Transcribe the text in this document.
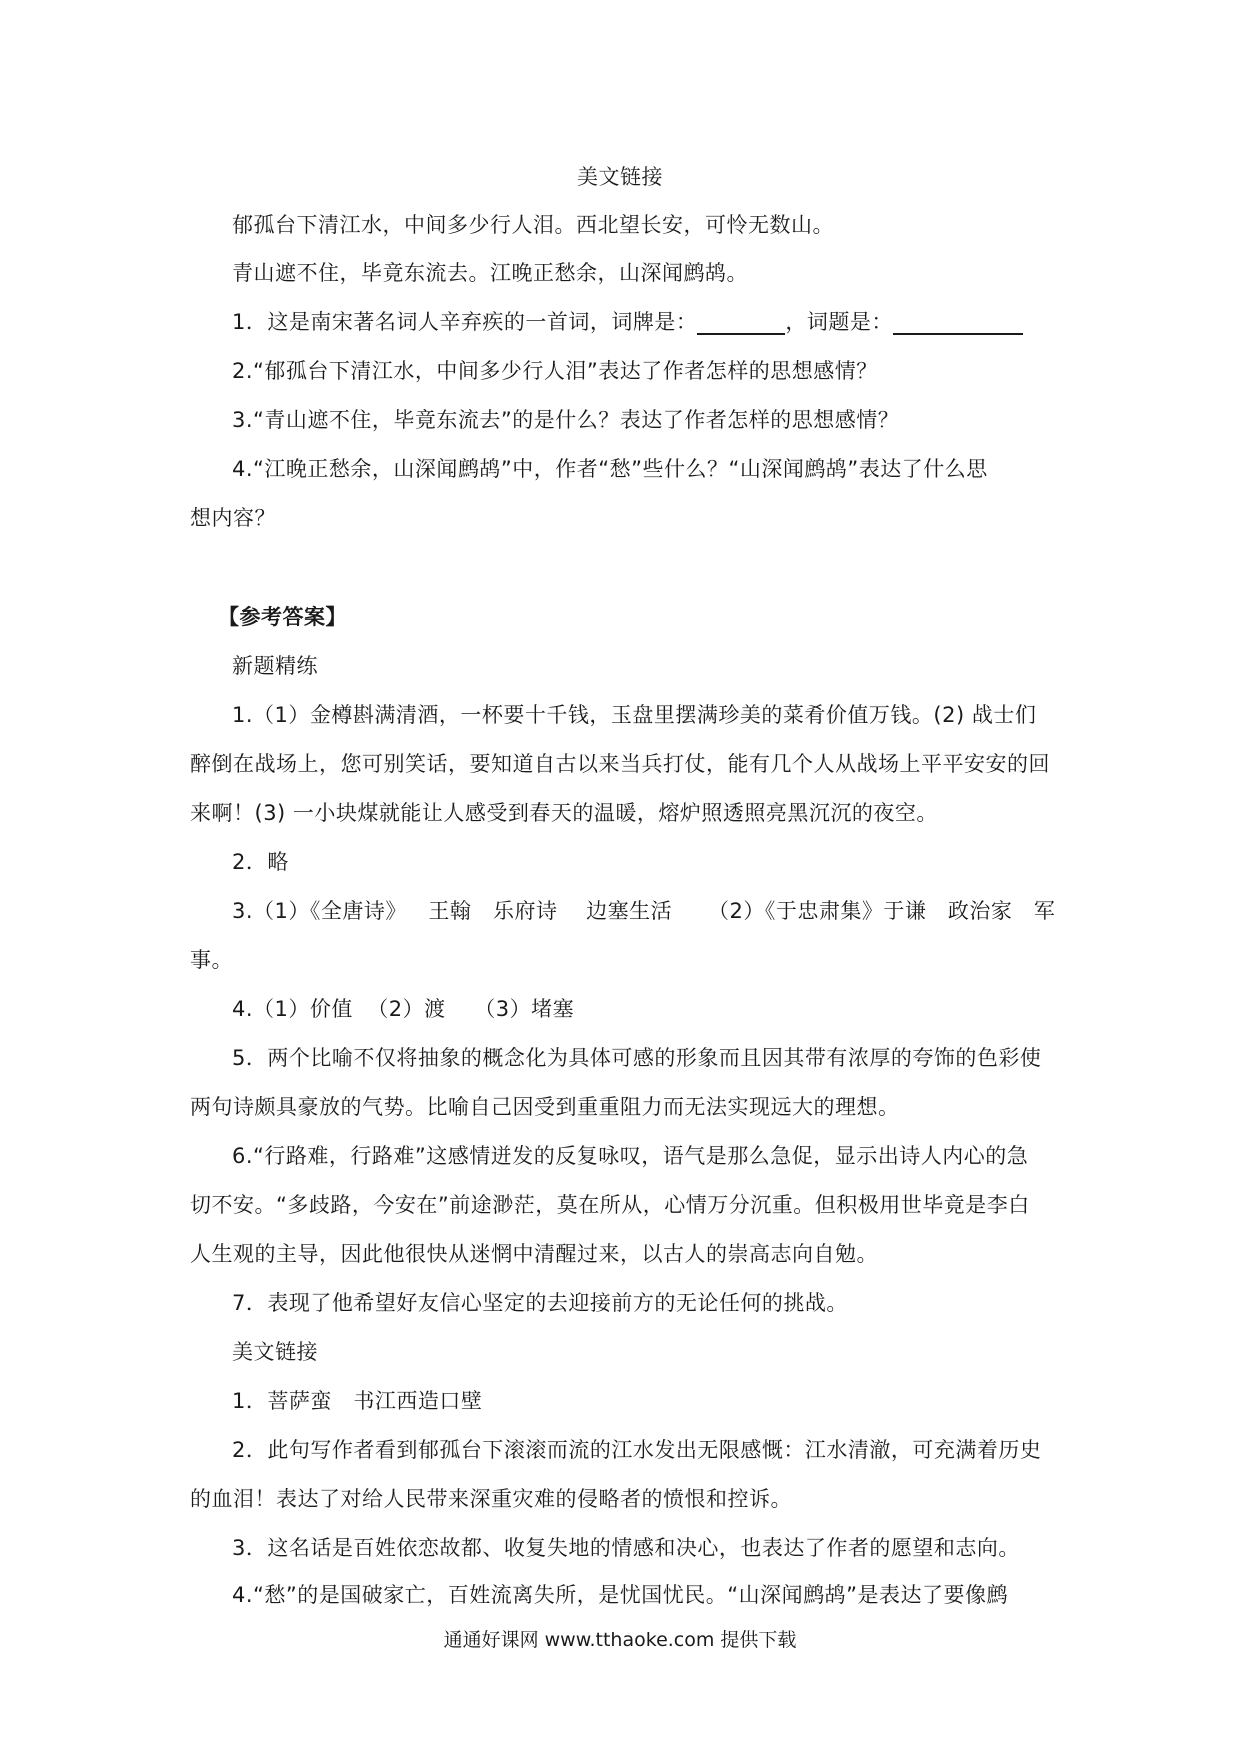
美文链接

郁孤台下清江水，中间多少行人泪。西北望长安，可怜无数山。

青山遮不住，毕竟东流去。江晚正愁余，山深闻鹧鸪。

1．这是南宋著名词人辛弃疾的一首词，词牌是：	，词题是：

2.“郁孤台下清江水，中间多少行人泪”表达了作者怎样的思想感情？

3.“青山遮不住，毕竟东流去”的是什么？表达了作者怎样的思想感情？

4.“江晚正愁余，山深闻鹧鸪”中，作者“愁”些什么？“山深闻鹧鸪”表达了什么思

想内容？

【参考答案】

新题精练

1.（1）金樽斟满清酒，一杯要十千钱，玉盘里摆满珍美的菜肴价值万钱。(2) 战士们

醉倒在战场上，您可别笑话，要知道自古以来当兵打仗，能有几个人从战场上平平安安的回

来啊！(3) 一小块煤就能让人感受到春天的温暖，熔炉照透照亮黑沉沉的夜空。

2．略

3.（1）《全唐诗》   王翰   乐府诗    边塞生活     （2）《于忠肃集》于谦   政治家   军

事。

4.（1）价值  （2）渡    （3）堵塞

5．两个比喻不仅将抽象的概念化为具体可感的形象而且因其带有浓厚的夸饰的色彩使

两句诗颇具豪放的气势。比喻自己因受到重重阻力而无法实现远大的理想。

6.“行路难，行路难”这感情迸发的反复咏叹，语气是那么急促，显示出诗人内心的急

切不安。“多歧路，今安在”前途渺茫，莫在所从，心情万分沉重。但积极用世毕竟是李白

人生观的主导，因此他很快从迷惘中清醒过来，以古人的崇高志向自勉。

7．表现了他希望好友信心坚定的去迎接前方的无论任何的挑战。

美文链接

1．菩萨蛮   书江西造口壁

2．此句写作者看到郁孤台下滚滚而流的江水发出无限感慨：江水清澈，可充满着历史

的血泪！表达了对给人民带来深重灾难的侵略者的愤恨和控诉。

3．这名话是百姓依恋故都、收复失地的情感和决心，也表达了作者的愿望和志向。

4.“愁”的是国破家亡，百姓流离失所，是忧国忧民。“山深闻鹧鸪”是表达了要像鹧

通通好课网 www.tthaoke.com 提供下载
